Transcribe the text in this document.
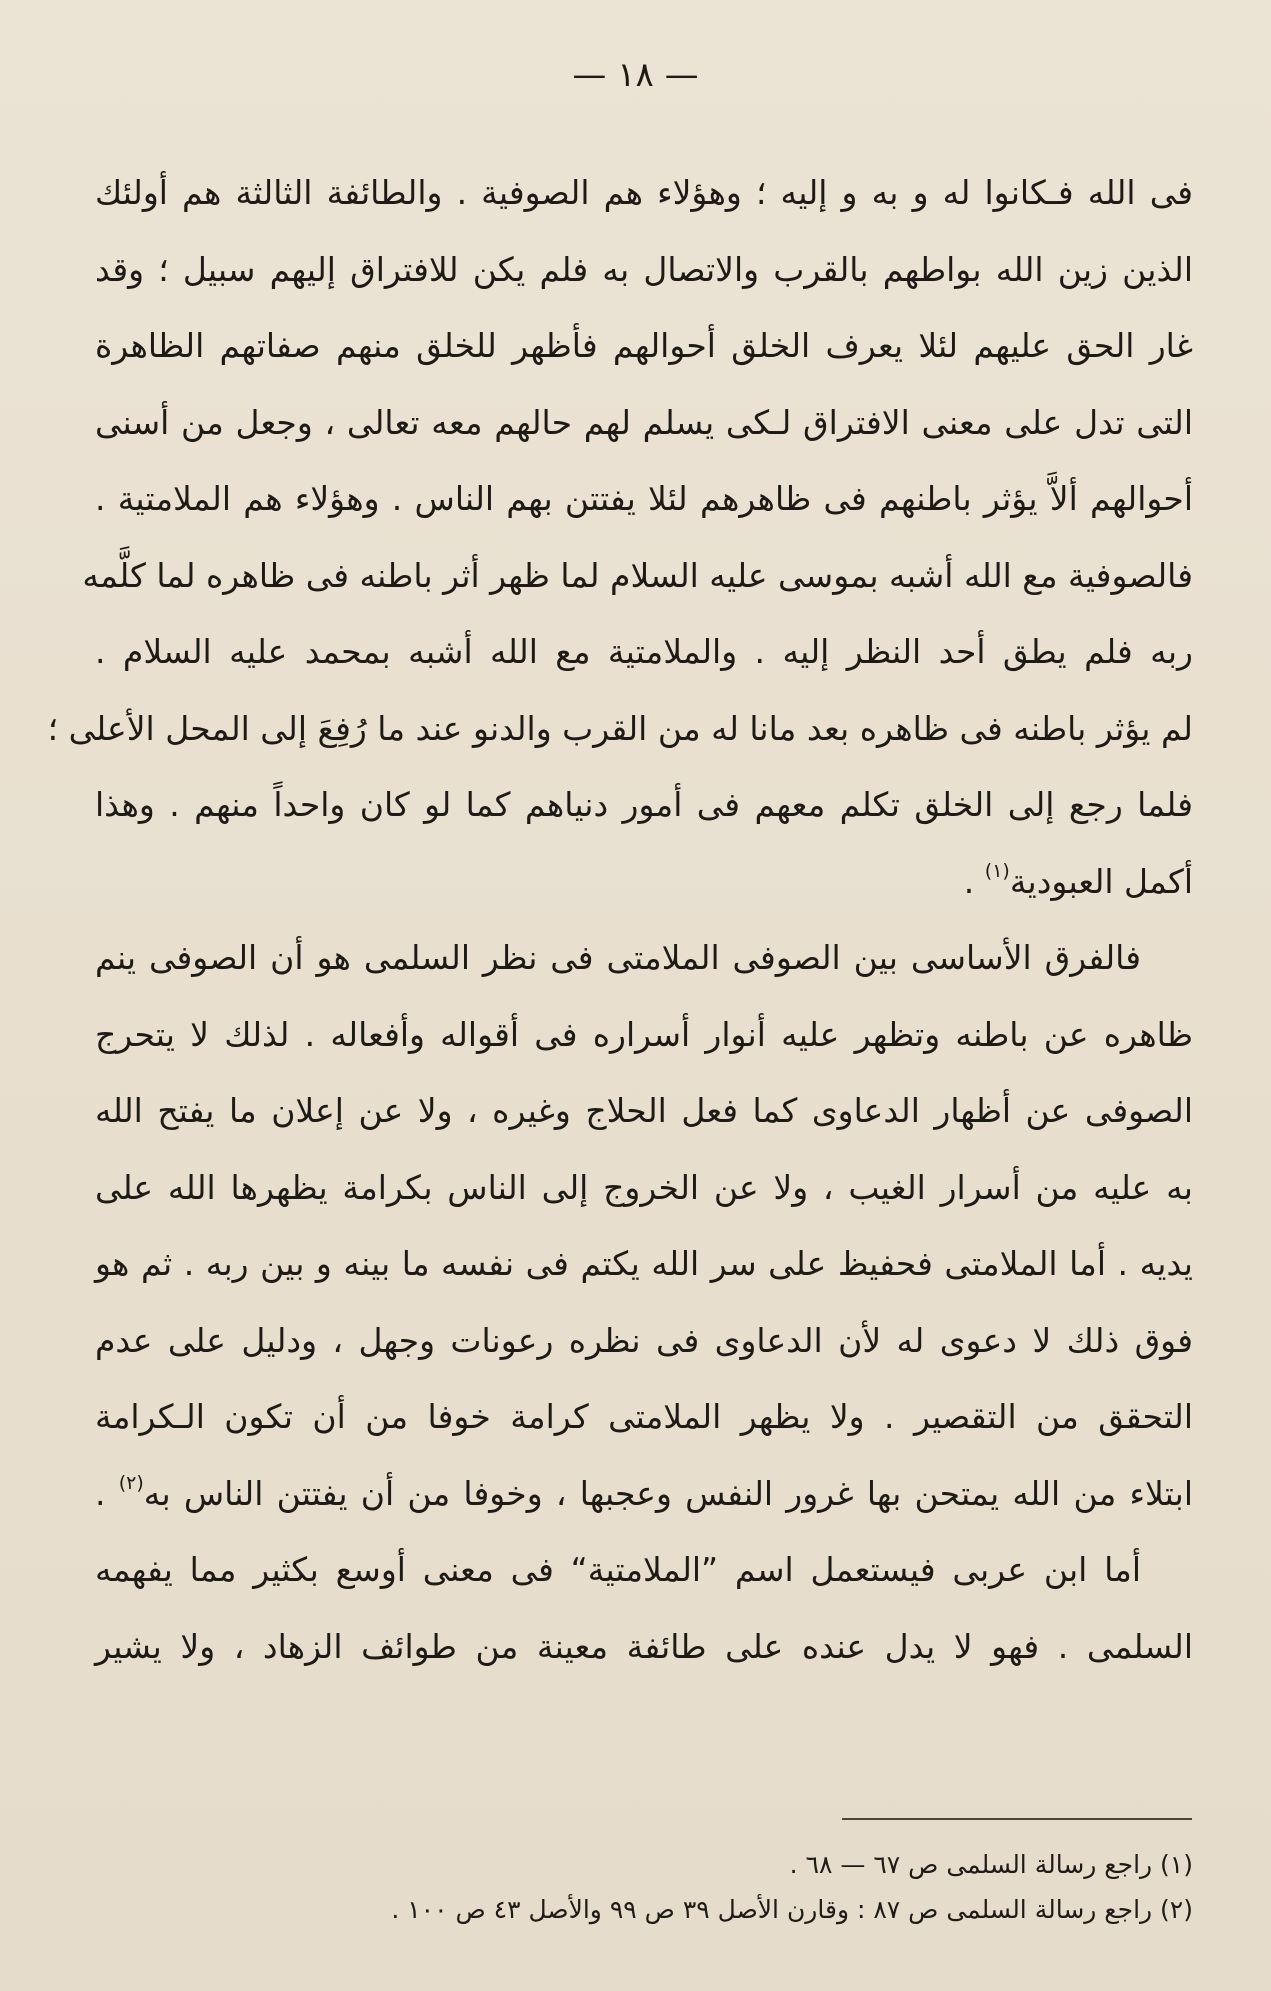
— ١٨ —
فى الله فـكانوا له و به و إليه ؛ وهؤلاء هم الصوفية . والطائفة الثالثة هم أولئك
الذين زين الله بواطهم بالقرب والاتصال به فلم يكن للافتراق إليهم سبيل ؛ وقد
غار الحق عليهم لئلا يعرف الخلق أحوالهم فأظهر للخلق منهم صفاتهم الظاهرة
التى تدل على معنى الافتراق لـكى يسلم لهم حالهم معه تعالى ، وجعل من أسنى
أحوالهم ألاَّ يؤثر باطنهم فى ظاهرهم لئلا يفتتن بهم الناس . وهؤلاء هم الملامتية .
فالصوفية مع الله أشبه بموسى عليه السلام لما ظهر أثر باطنه فى ظاهره لما كلَّمه
ربه فلم يطق أحد النظر إليه . والملامتية مع الله أشبه بمحمد عليه السلام .
لم يؤثر باطنه فى ظاهره بعد مانا له من القرب والدنو عند ما رُفِعَ إلى المحل الأعلى ؛
فلما رجع إلى الخلق تكلم معهم فى أمور دنياهم كما لو كان واحداً منهم . وهذا
أكمل العبودية$^{(١)}$ .
فالفرق الأساسى بين الصوفى الملامتى فى نظر السلمى هو أن الصوفى ينم
ظاهره عن باطنه وتظهر عليه أنوار أسراره فى أقواله وأفعاله . لذلك لا يتحرج
الصوفى عن أظهار الدعاوى كما فعل الحلاج وغيره ، ولا عن إعلان ما يفتح الله
به عليه من أسرار الغيب ، ولا عن الخروج إلى الناس بكرامة يظهرها الله على
يديه . أما الملامتى فحفيظ على سر الله يكتم فى نفسه ما بينه و بين ربه . ثم هو
فوق ذلك لا دعوى له لأن الدعاوى فى نظره رعونات وجهل ، ودليل على عدم
التحقق من التقصير . ولا يظهر الملامتى كرامة خوفا من أن تكون الـكرامة
ابتلاء من الله يمتحن بها غرور النفس وعجبها ، وخوفا من أن يفتتن الناس به$^{(٢)}$ .
أما ابن عربى فيستعمل اسم ”الملامتية“ فى معنى أوسع بكثير مما يفهمه
السلمى . فهو لا يدل عنده على طائفة معينة من طوائف الزهاد ، ولا يشير
(١) راجع رسالة السلمى ص ٦٧ — ٦٨ .
(٢) راجع رسالة السلمى ص ٨٧ : وقارن الأصل ٣٩ ص ٩٩ والأصل ٤٣ ص ١٠٠ .
